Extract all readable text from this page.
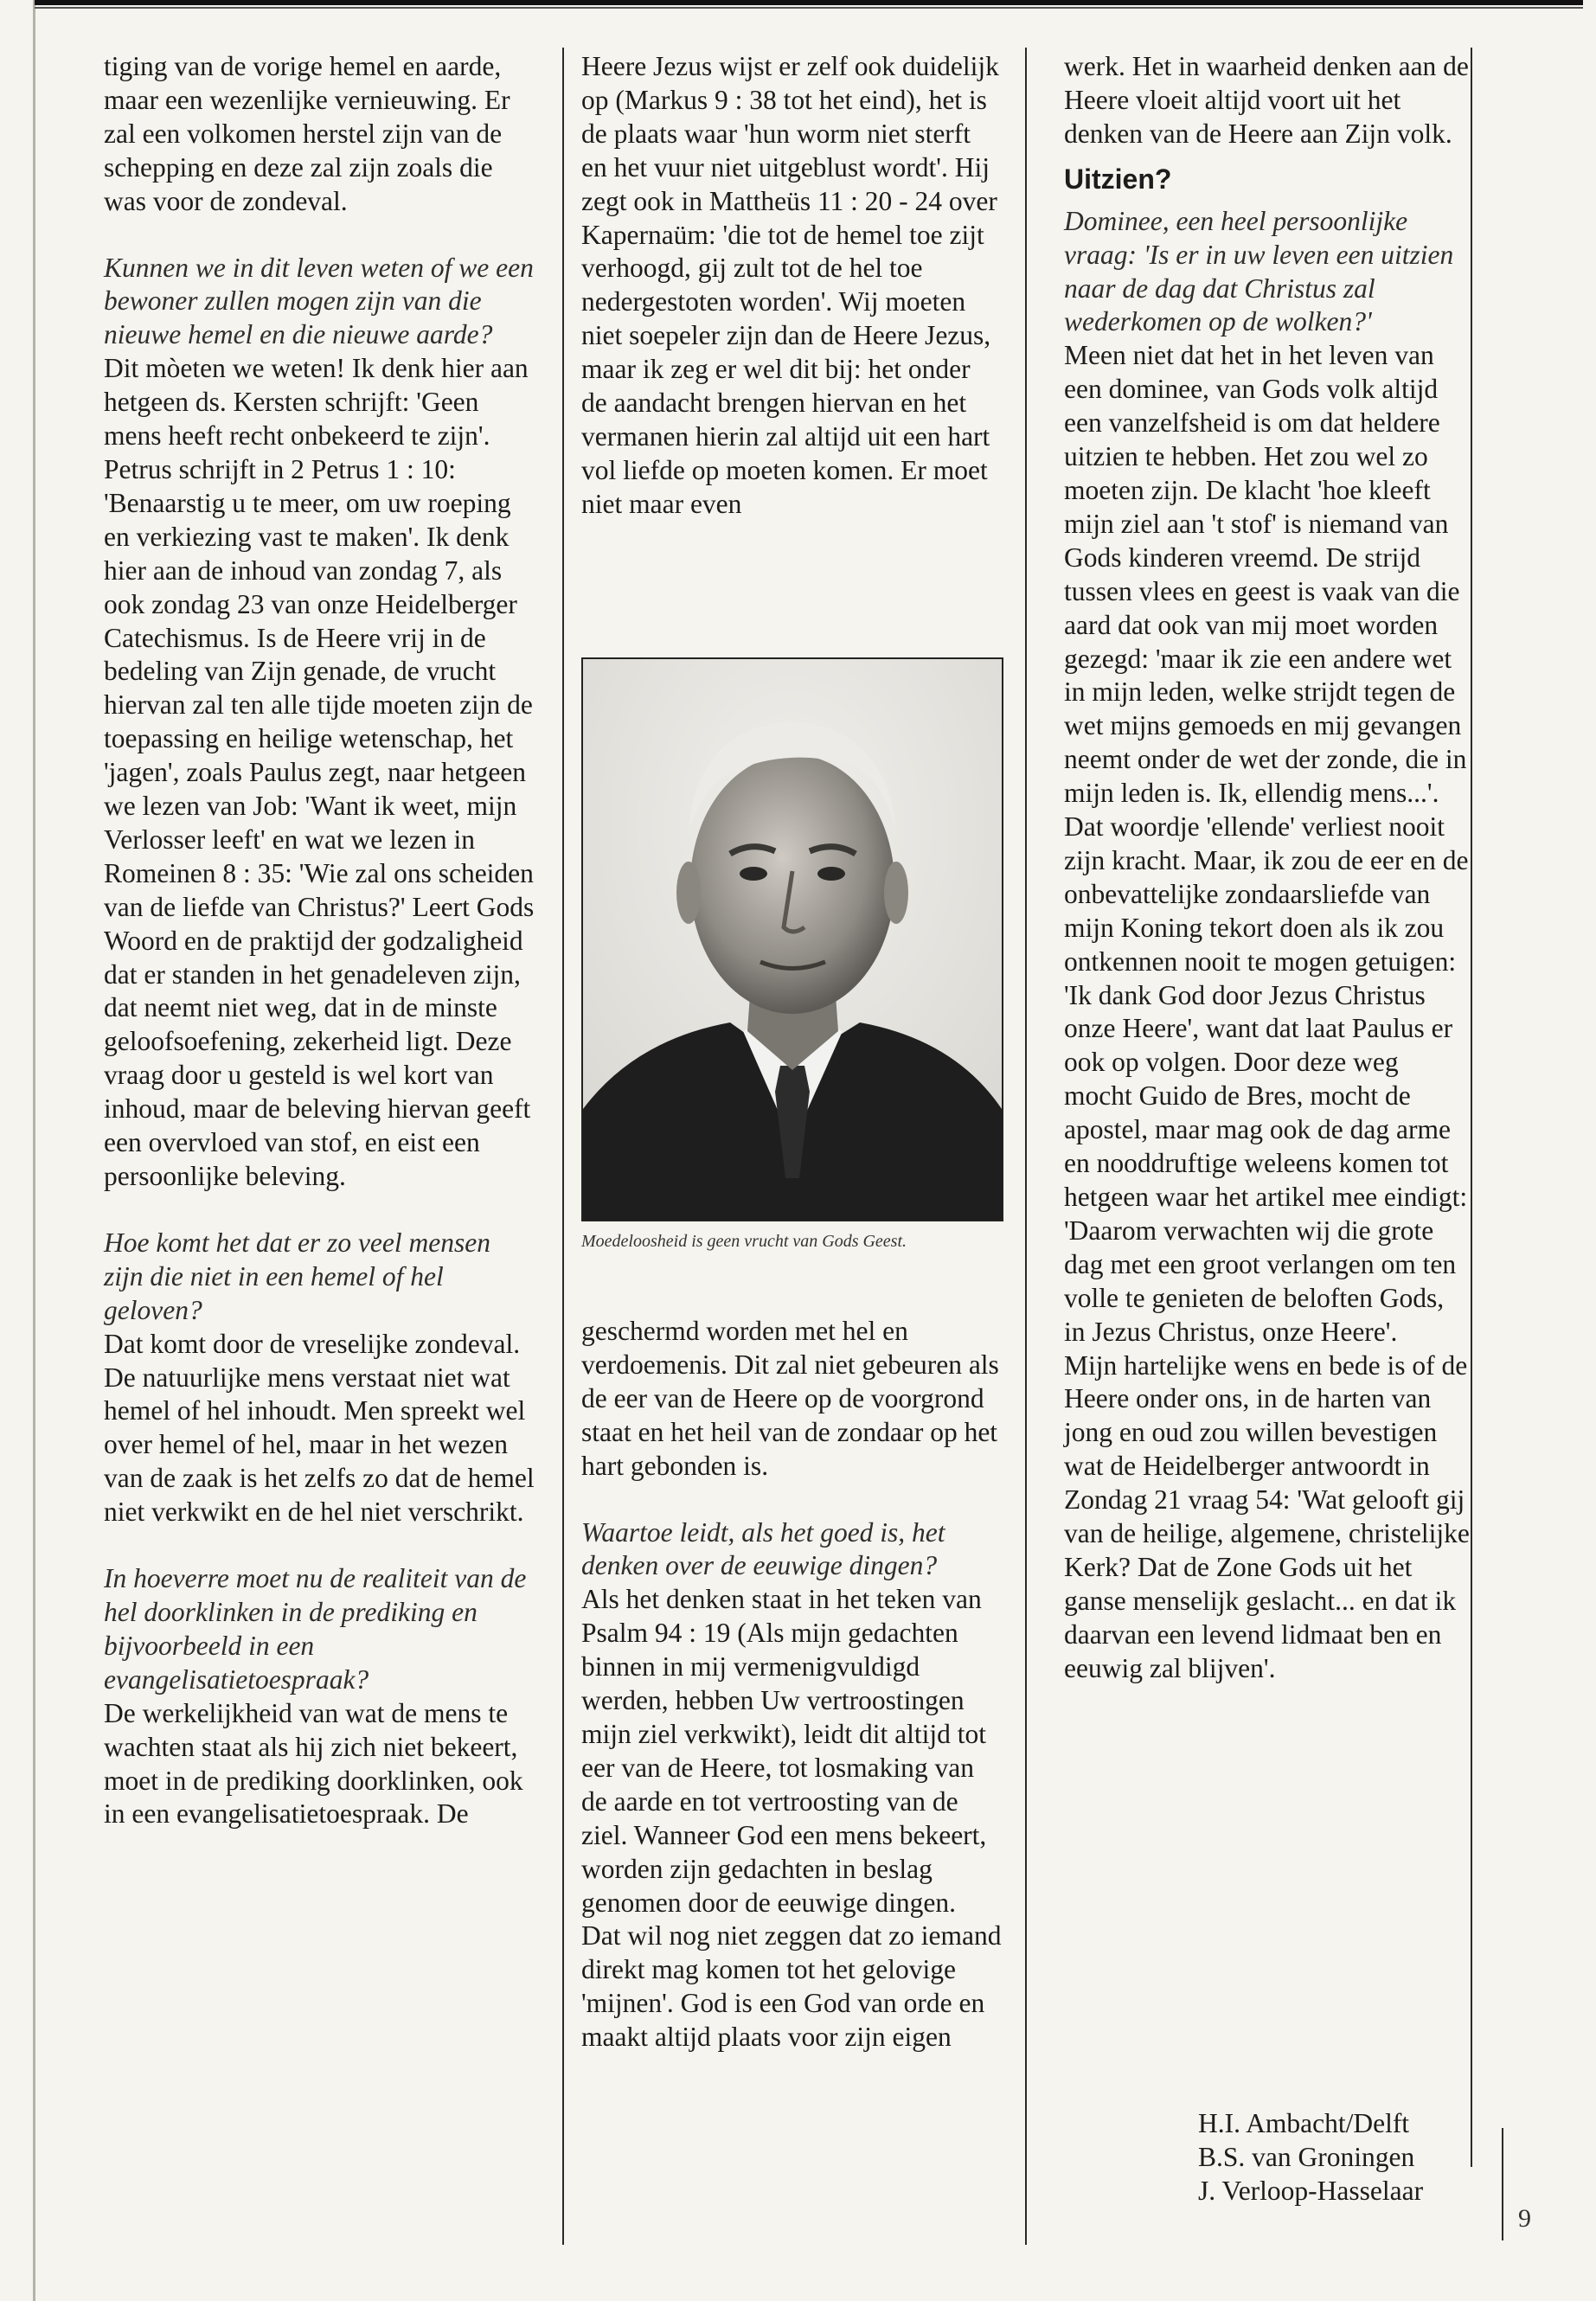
tiging van de vorige hemel en aarde, maar een wezenlijke vernieuwing. Er zal een volkomen herstel zijn van de schepping en deze zal zijn zoals die was voor de zondeval.

Kunnen we in dit leven weten of we een bewoner zullen mogen zijn van die nieuwe hemel en die nieuwe aarde?

Dit mòeten we weten! Ik denk hier aan hetgeen ds. Kersten schrijft: 'Geen mens heeft recht onbekeerd te zijn'. Petrus schrijft in 2 Petrus 1 : 10: 'Benaarstig u te meer, om uw roeping en verkiezing vast te maken'. Ik denk hier aan de inhoud van zondag 7, als ook zondag 23 van onze Heidelberger Catechismus. Is de Heere vrij in de bedeling van Zijn genade, de vrucht hiervan zal ten alle tijde moeten zijn de toepassing en heilige wetenschap, het 'jagen', zoals Paulus zegt, naar hetgeen we lezen van Job: 'Want ik weet, mijn Verlosser leeft' en wat we lezen in Romeinen 8 : 35: 'Wie zal ons scheiden van de liefde van Christus?' Leert Gods Woord en de praktijd der godzaligheid dat er standen in het genadeleven zijn, dat neemt niet weg, dat in de minste geloofsoefening, zekerheid ligt. Deze vraag door u gesteld is wel kort van inhoud, maar de beleving hiervan geeft een overvloed van stof, en eist een persoonlijke beleving.

Hoe komt het dat er zo veel mensen zijn die niet in een hemel of hel geloven?

Dat komt door de vreselijke zondeval. De natuurlijke mens verstaat niet wat hemel of hel inhoudt. Men spreekt wel over hemel of hel, maar in het wezen van de zaak is het zelfs zo dat de hemel niet verkwikt en de hel niet verschrikt.

In hoeverre moet nu de realiteit van de hel doorklinken in de prediking en bijvoorbeeld in een evangelisatietoespraak?

De werkelijkheid van wat de mens te wachten staat als hij zich niet bekeert, moet in de prediking doorklinken, ook in een evangelisatietoespraak. De

Heere Jezus wijst er zelf ook duidelijk op (Markus 9 : 38 tot het eind), het is de plaats waar 'hun worm niet sterft en het vuur niet uitgeblust wordt'. Hij zegt ook in Mattheüs 11 : 20 - 24 over Kapernaüm: 'die tot de hemel toe zijt verhoogd, gij zult tot de hel toe nedergestoten worden'. Wij moeten niet soepeler zijn dan de Heere Jezus, maar ik zeg er wel dit bij: het onder de aandacht brengen hiervan en het vermanen hierin zal altijd uit een hart vol liefde op moeten komen. Er moet niet maar even

Moedeloosheid is geen vrucht van Gods Geest.

geschermd worden met hel en verdoemenis. Dit zal niet gebeuren als de eer van de Heere op de voorgrond staat en het heil van de zondaar op het hart gebonden is.

Waartoe leidt, als het goed is, het denken over de eeuwige dingen?

Als het denken staat in het teken van Psalm 94 : 19 (Als mijn gedachten binnen in mij vermenigvuldigd werden, hebben Uw vertroostingen mijn ziel verkwikt), leidt dit altijd tot eer van de Heere, tot losmaking van de aarde en tot vertroosting van de ziel. Wanneer God een mens bekeert, worden zijn gedachten in beslag genomen door de eeuwige dingen. Dat wil nog niet zeggen dat zo iemand direkt mag komen tot het gelovige 'mijnen'. God is een God van orde en maakt altijd plaats voor zijn eigen

werk. Het in waarheid denken aan de Heere vloeit altijd voort uit het denken van de Heere aan Zijn volk.

Uitzien?

Dominee, een heel persoonlijke vraag: 'Is er in uw leven een uitzien naar de dag dat Christus zal wederkomen op de wolken?'

Meen niet dat het in het leven van een dominee, van Gods volk altijd een vanzelfsheid is om dat heldere uitzien te hebben. Het zou wel zo moeten zijn. De klacht 'hoe kleeft mijn ziel aan 't stof' is niemand van Gods kinderen vreemd. De strijd tussen vlees en geest is vaak van die aard dat ook van mij moet worden gezegd: 'maar ik zie een andere wet in mijn leden, welke strijdt tegen de wet mijns gemoeds en mij gevangen neemt onder de wet der zonde, die in mijn leden is. Ik, ellendig mens...'. Dat woordje 'ellende' verliest nooit zijn kracht. Maar, ik zou de eer en de onbevattelijke zondaarsliefde van mijn Koning tekort doen als ik zou ontkennen nooit te mogen getuigen: 'Ik dank God door Jezus Christus onze Heere', want dat laat Paulus er ook op volgen. Door deze weg mocht Guido de Bres, mocht de apostel, maar mag ook de dag arme en nooddruftige weleens komen tot hetgeen waar het artikel mee eindigt: 'Daarom verwachten wij die grote dag met een groot verlangen om ten volle te genieten de beloften Gods, in Jezus Christus, onze Heere'.

Mijn hartelijke wens en bede is of de Heere onder ons, in de harten van jong en oud zou willen bevestigen wat de Heidelberger antwoordt in Zondag 21 vraag 54: 'Wat gelooft gij van de heilige, algemene, christelijke Kerk? Dat de Zone Gods uit het ganse menselijk geslacht... en dat ik daarvan een levend lidmaat ben en eeuwig zal blijven'.

H.I. Ambacht/Delft

B.S. van Groningen

J. Verloop-Hasselaar

9
